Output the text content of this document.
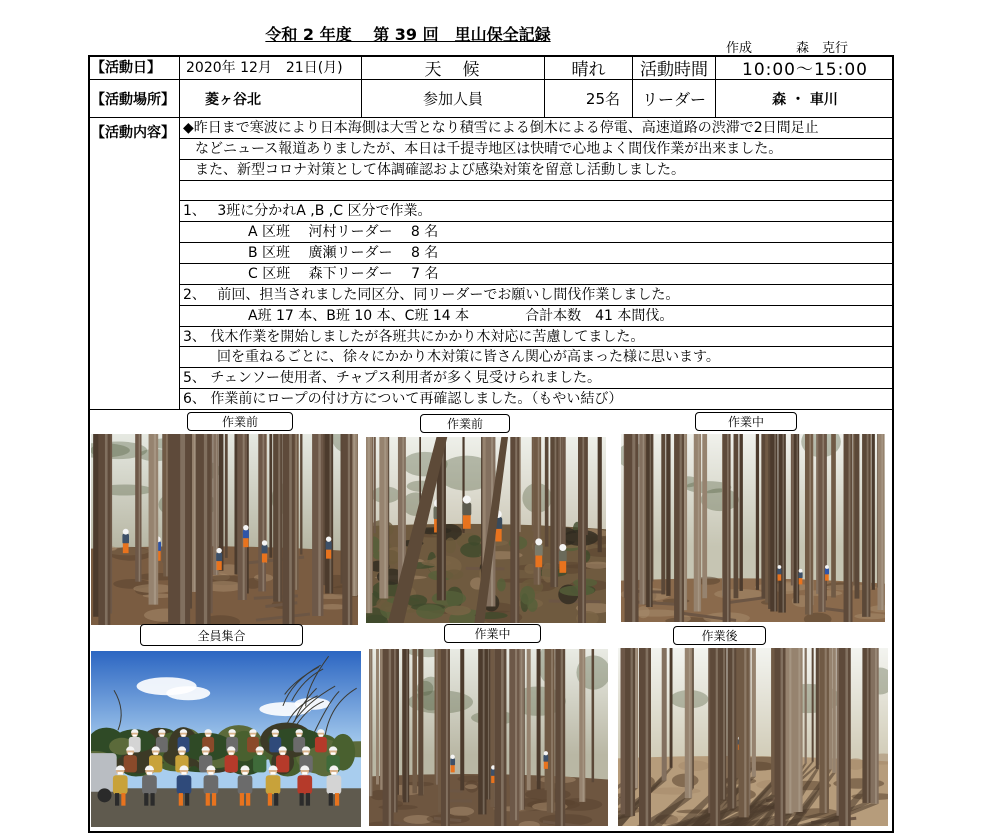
令和 2 年度　 第 39 回　里山保全記録
作成	森　克行
【活動日】	2020年 12月　21日(月)	天　候	晴れ	活動時間	10:00～15:00
【活動場所】	菱ヶ谷北	参加人員	25名	リーダー	森 ・ 車川
【活動内容】 ◆昨日まで寒波により日本海側は大雪となり積雪による倒木による停電、高速道路の渋滞で2日間足止
などニュース報道ありましたが、本日は千提寺地区は快晴で心地よく間伐作業が出来ました。
また、新型コロナ対策として体調確認および感染対策を留意し活動しました。
1、　 3班に分かれA ,B ,C 区分で作業。
A 区班　 河村リーダー　 8 名
B 区班　 廣瀬リーダー　 8 名
C 区班　 森下リーダー　 7 名
2、　 前回、担当されました同区分、同リーダーでお願いし間伐作業しました。
A班 17 本、B班 10 本、C班 14 本　　　　合計本数　41 本間伐。
3、 伐木作業を開始しましたが各班共にかかり木対応に苦慮してました。
回を重ねるごとに、徐々にかかり木対策に皆さん関心が高まった様に思います。
5、 チェンソー使用者、チャプス利用者が多く見受けられました。
6、 作業前にロープの付け方について再確認しました。（もやい結び）
作業前	作業前	作業中
全員集合	作業中	作業後
